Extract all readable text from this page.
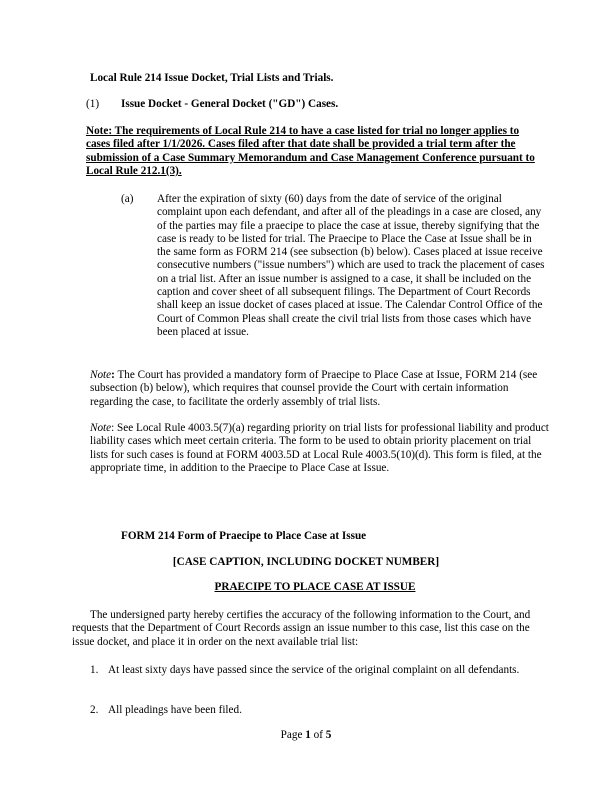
Local Rule 214 Issue Docket, Trial Lists and Trials.
(1) Issue Docket - General Docket ("GD") Cases.
Note: The requirements of Local Rule 214 to have a case listed for trial no longer applies to cases filed after 1/1/2026. Cases filed after that date shall be provided a trial term after the submission of a Case Summary Memorandum and Case Management Conference pursuant to Local Rule 212.1(3).
(a) After the expiration of sixty (60) days from the date of service of the original complaint upon each defendant, and after all of the pleadings in a case are closed, any of the parties may file a praecipe to place the case at issue, thereby signifying that the case is ready to be listed for trial. The Praecipe to Place the Case at Issue shall be in the same form as FORM 214 (see subsection (b) below). Cases placed at issue receive consecutive numbers ("issue numbers") which are used to track the placement of cases on a trial list. After an issue number is assigned to a case, it shall be included on the caption and cover sheet of all subsequent filings. The Department of Court Records shall keep an issue docket of cases placed at issue. The Calendar Control Office of the Court of Common Pleas shall create the civil trial lists from those cases which have been placed at issue.
Note: The Court has provided a mandatory form of Praecipe to Place Case at Issue, FORM 214 (see subsection (b) below), which requires that counsel provide the Court with certain information regarding the case, to facilitate the orderly assembly of trial lists.
Note: See Local Rule 4003.5(7)(a) regarding priority on trial lists for professional liability and product liability cases which meet certain criteria. The form to be used to obtain priority placement on trial lists for such cases is found at FORM 4003.5D at Local Rule 4003.5(10)(d). This form is filed, at the appropriate time, in addition to the Praecipe to Place Case at Issue.
FORM 214 Form of Praecipe to Place Case at Issue
[CASE CAPTION, INCLUDING DOCKET NUMBER]
PRAECIPE TO PLACE CASE AT ISSUE
The undersigned party hereby certifies the accuracy of the following information to the Court, and requests that the Department of Court Records assign an issue number to this case, list this case on the issue docket, and place it in order on the next available trial list:
1. At least sixty days have passed since the service of the original complaint on all defendants.
2. All pleadings have been filed.
Page 1 of 5
